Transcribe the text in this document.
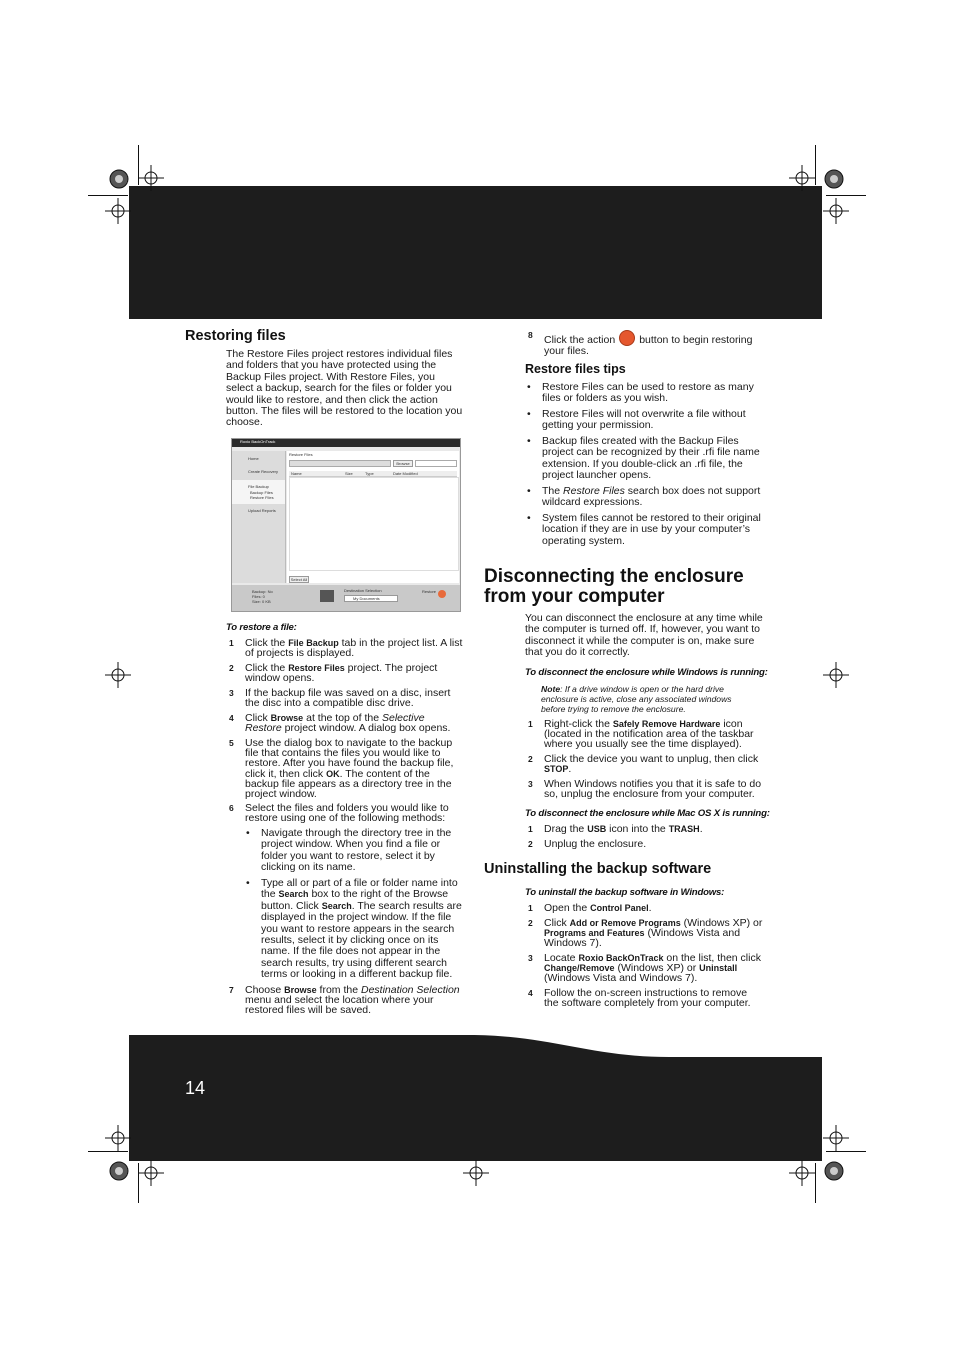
14
Restoring files

The Restore Files project restores individual files and folders that you have protected using the Backup Files project. With Restore Files, you select a backup, search for the files or folder you would like to restore, and then click the action button. The files will be restored to the location you choose.

Roxio BackOnTrack
Home
Create Recovery
File Backup
Backup Files
Restore Files
Upload Reports
Restore Files
Browse
Name	Size	Type	Date Modified
Select All
Backup: No
Files: 0
Size: 0 KB
Destination Selection
My Documents
Restore
To restore a file:
1 Click the File Backup tab in the project list. A list of projects is displayed.
2 Click the Restore Files project. The project window opens.
3 If the backup file was saved on a disc, insert the disc into a compatible disc drive.
4 Click Browse at the top of the Selective Restore project window. A dialog box opens.
5 Use the dialog box to navigate to the backup file that contains the files you would like to restore. After you have found the backup file, click it, then click OK. The content of the backup file appears as a directory tree in the project window.
6 Select the files and folders you would like to restore using one of the following methods:
• Navigate through the directory tree in the project window. When you find a file or folder you want to restore, select it by clicking on its name.
• Type all or part of a file or folder name into the Search box to the right of the Browse button. Click Search. The search results are displayed in the project window. If the file you want to restore appears in the search results, select it by clicking once on its name. If the file does not appear in the search results, try using different search terms or looking in a different backup file.
7 Choose Browse from the Destination Selection menu and select the location where your restored files will be saved.
8 Click the action button to begin restoring your files.
Restore files tips
• Restore Files can be used to restore as many files or folders as you wish.
• Restore Files will not overwrite a file without getting your permission.
• Backup files created with the Backup Files project can be recognized by their .rfi file name extension. If you double-click an .rfi file, the project launcher opens.
• The Restore Files search box does not support wildcard expressions.
• System files cannot be restored to their original location if they are in use by your computer’s operating system.
Disconnecting the enclosure from your computer

You can disconnect the enclosure at any time while the computer is turned off. If, however, you want to disconnect it while the computer is on, make sure that you do it correctly.

To disconnect the enclosure while Windows is running:
Note: If a drive window is open or the hard drive enclosure is active, close any associated windows before trying to remove the enclosure.
1 Right-click the Safely Remove Hardware icon (located in the notification area of the taskbar where you usually see the time displayed).
2 Click the device you want to unplug, then click STOP.
3 When Windows notifies you that it is safe to do so, unplug the enclosure from your computer.
To disconnect the enclosure while Mac OS X is running:
1 Drag the USB icon into the TRASH.
2 Unplug the enclosure.
Uninstalling the backup software
To uninstall the backup software in Windows:
1 Open the Control Panel.
2 Click Add or Remove Programs (Windows XP) or Programs and Features (Windows Vista and Windows 7).
3 Locate Roxio BackOnTrack on the list, then click Change/Remove (Windows XP) or Uninstall (Windows Vista and Windows 7).
4 Follow the on-screen instructions to remove the software completely from your computer.
